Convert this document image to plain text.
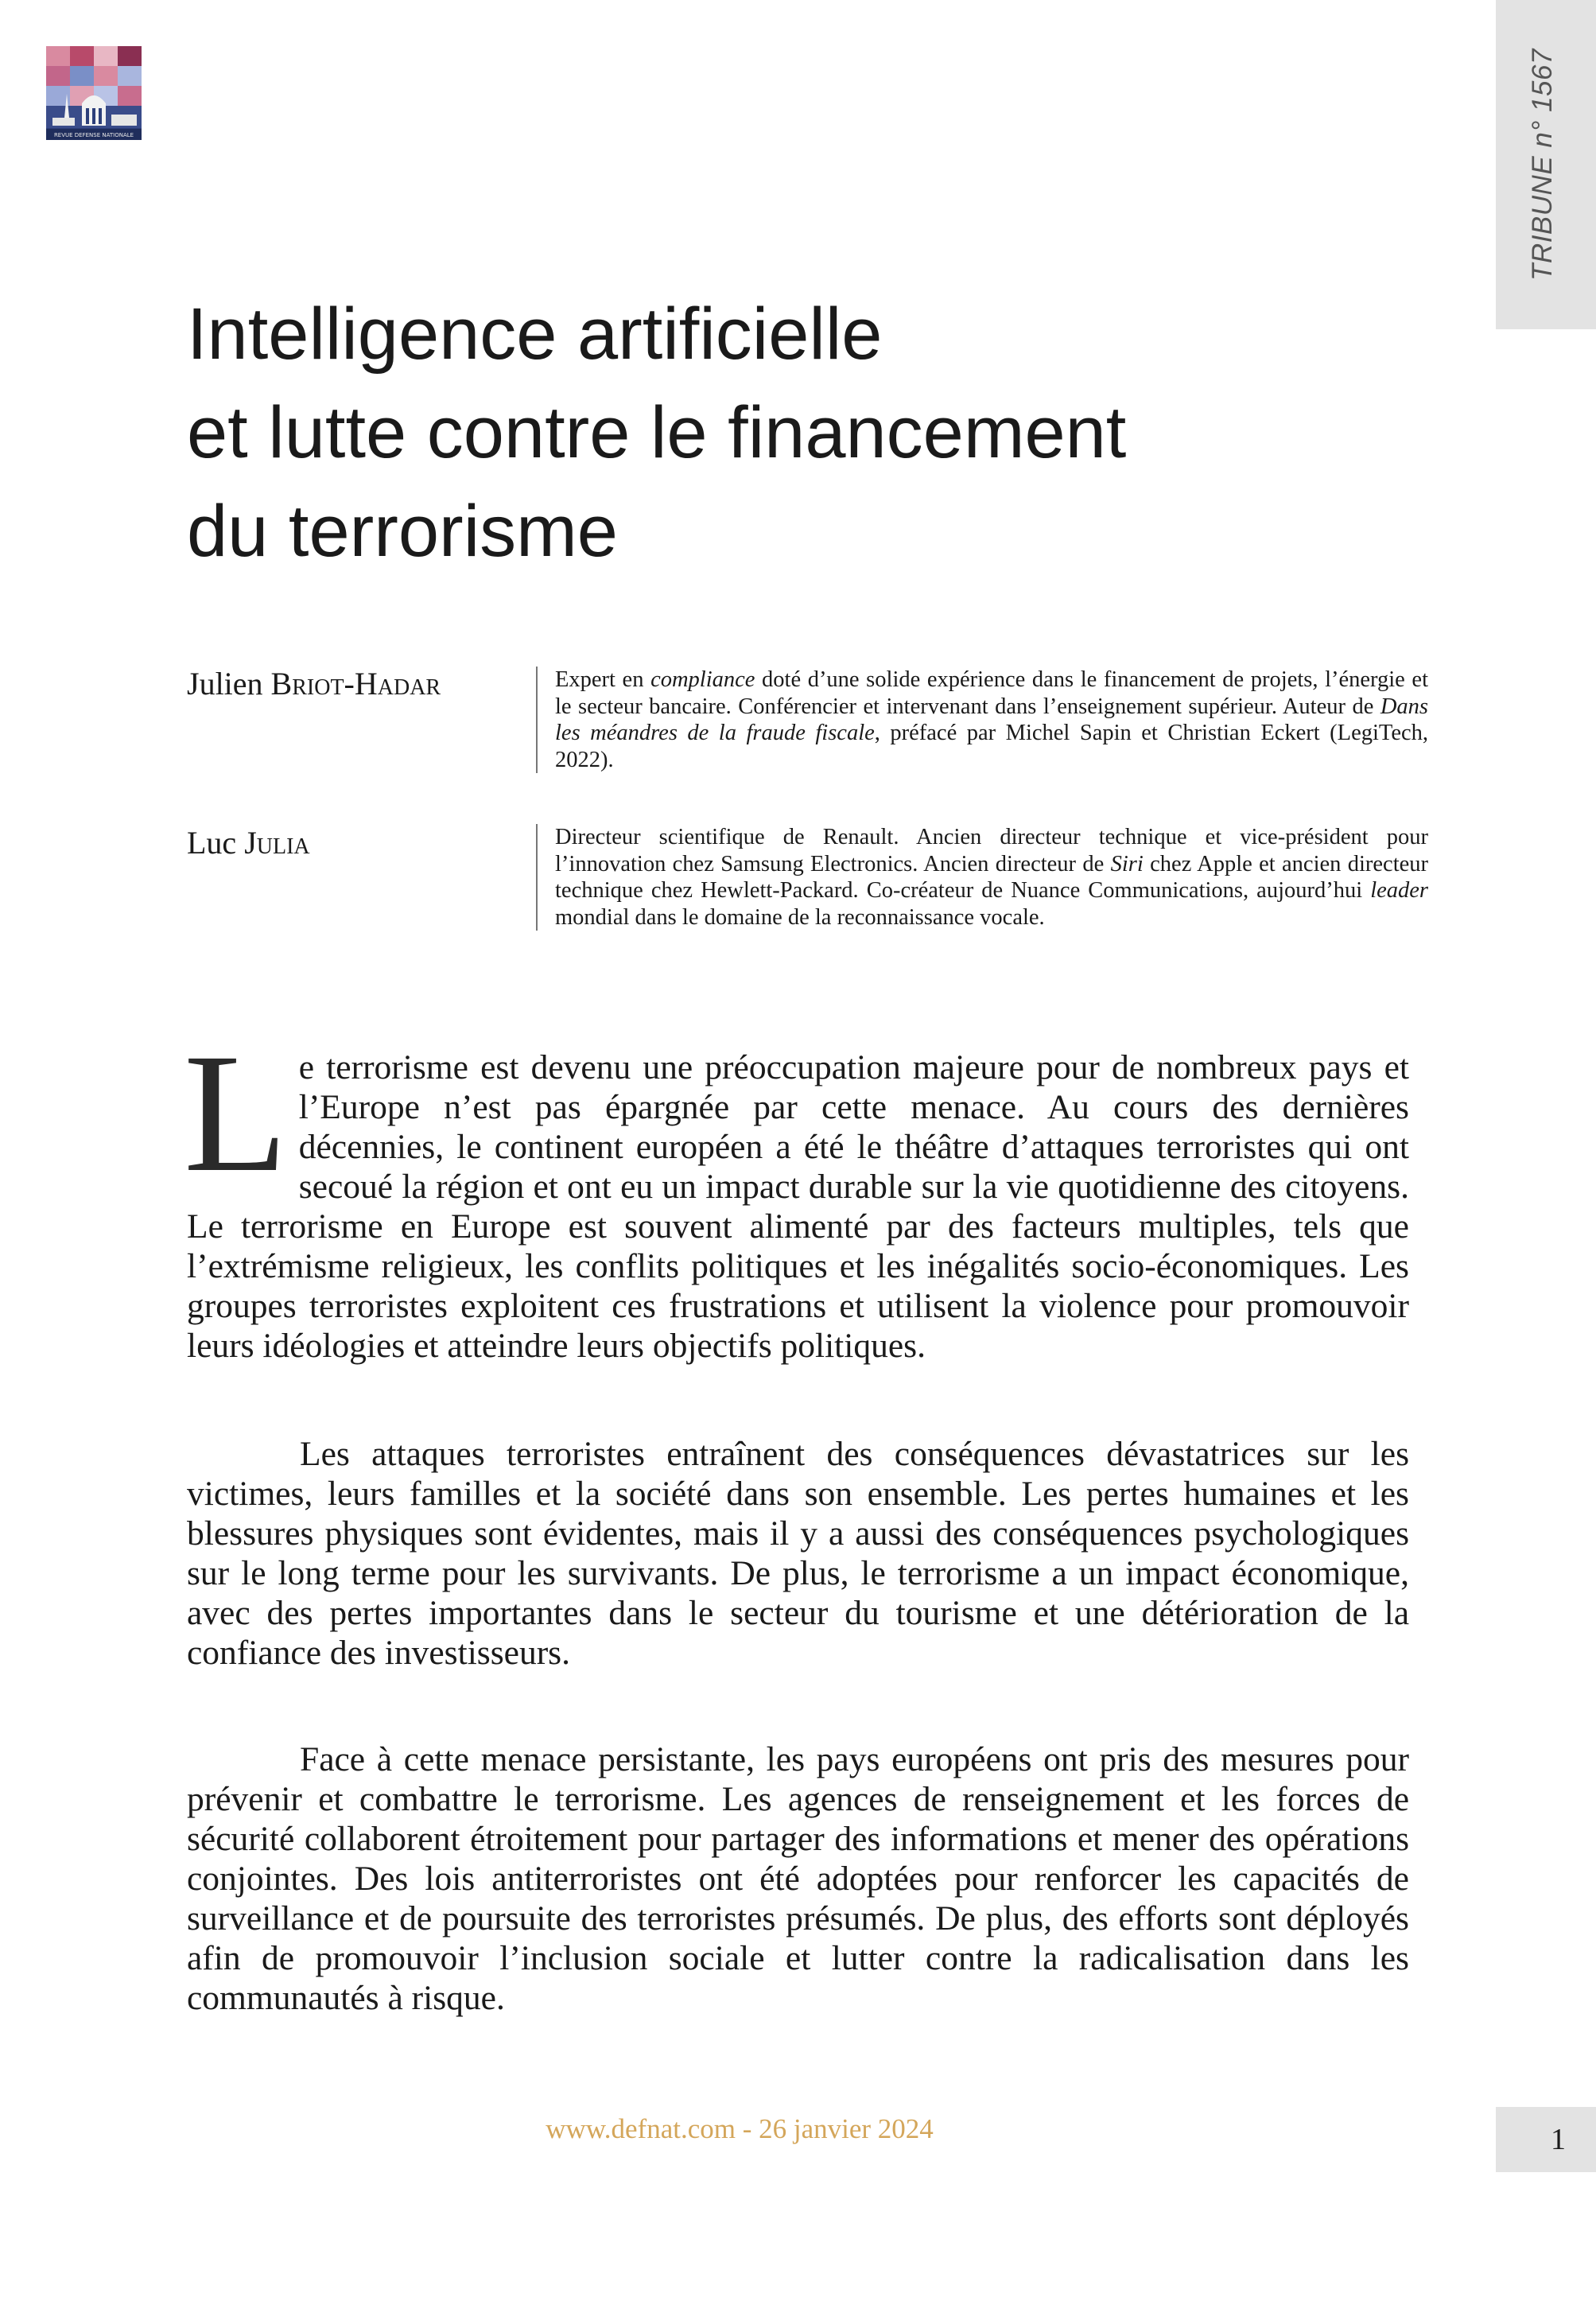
REVUE DEFENSE NATIONALE	TRIBUNE n° 1567
Intelligence artificielle
et lutte contre le financement
du terrorisme
Julien Briot-Hadar	Expert en compliance doté d’une solide expérience dans le financement de projets, l’énergie et le secteur bancaire. Conférencier et intervenant dans l’enseignement supérieur. Auteur de Dans les méandres de la fraude fiscale, préfacé par Michel Sapin et Christian Eckert (LegiTech, 2022).
Luc Julia	Directeur scientifique de Renault. Ancien directeur technique et vice-président pour l’innovation chez Samsung Electronics. Ancien directeur de Siri chez Apple et ancien directeur technique chez Hewlett-Packard. Co-créateur de Nuance Communications, aujourd’hui leader mondial dans le domaine de la reconnaissance vocale.

Le terrorisme est devenu une préoccupation majeure pour de nombreux pays et l’Europe n’est pas épargnée par cette menace. Au cours des dernières décennies, le continent européen a été le théâtre d’attaques terroristes qui ont secoué la région et ont eu un impact durable sur la vie quotidienne des citoyens. Le terrorisme en Europe est souvent alimenté par des facteurs multiples, tels que l’extrémisme religieux, les conflits politiques et les inégalités socio-économiques. Les groupes terroristes exploitent ces frustrations et utilisent la violence pour promouvoir leurs idéologies et atteindre leurs objectifs politiques.

Les attaques terroristes entraînent des conséquences dévastatrices sur les victimes, leurs familles et la société dans son ensemble. Les pertes humaines et les blessures physiques sont évidentes, mais il y a aussi des conséquences psychologiques sur le long terme pour les survivants. De plus, le terrorisme a un impact économique, avec des pertes importantes dans le secteur du tourisme et une détérioration de la confiance des investisseurs.

Face à cette menace persistante, les pays européens ont pris des mesures pour prévenir et combattre le terrorisme. Les agences de renseignement et les forces de sécurité collaborent étroitement pour partager des informations et mener des opérations conjointes. Des lois antiterroristes ont été adoptées pour renforcer les capacités de surveillance et de poursuite des terroristes présumés. De plus, des efforts sont déployés afin de promouvoir l’inclusion sociale et lutter contre la radicalisation dans les communautés à risque.

www.defnat.com - 26 janvier 2024	1
